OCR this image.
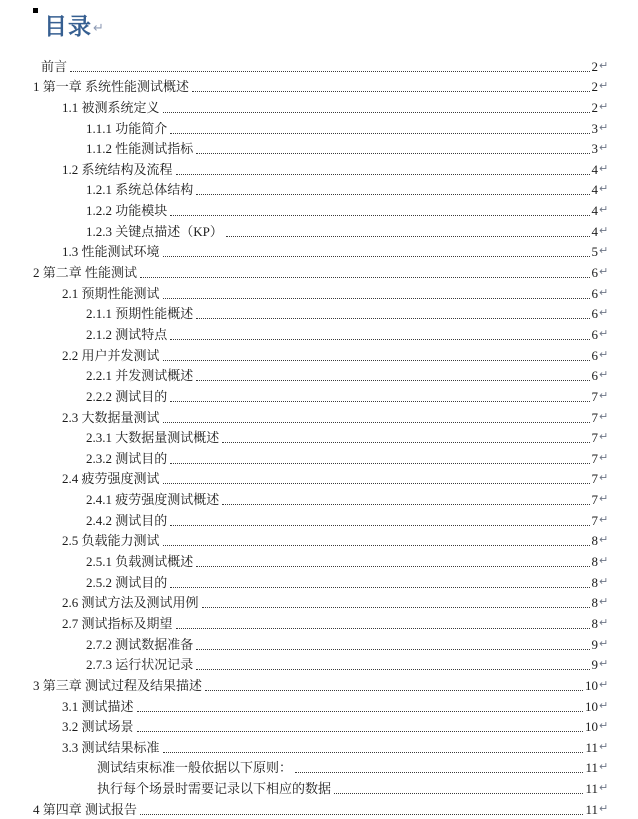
目录↵
前言	2 ↵
1 第一章 系统性能测试概述	2 ↵
1.1 被测系统定义	2 ↵
1.1.1 功能简介	3 ↵
1.1.2 性能测试指标	3 ↵
1.2 系统结构及流程	4 ↵
1.2.1 系统总体结构	4 ↵
1.2.2 功能模块	4 ↵
1.2.3 关键点描述（KP）	4 ↵
1.3 性能测试环境	5 ↵
2 第二章 性能测试	6 ↵
2.1 预期性能测试	6 ↵
2.1.1 预期性能概述	6 ↵
2.1.2 测试特点	6 ↵
2.2 用户并发测试	6 ↵
2.2.1 并发测试概述	6 ↵
2.2.2 测试目的	7 ↵
2.3 大数据量测试	7 ↵
2.3.1 大数据量测试概述	7 ↵
2.3.2 测试目的	7 ↵
2.4 疲劳强度测试	7 ↵
2.4.1 疲劳强度测试概述	7 ↵
2.4.2 测试目的	7 ↵
2.5 负载能力测试	8 ↵
2.5.1 负载测试概述	8 ↵
2.5.2 测试目的	8 ↵
2.6 测试方法及测试用例	8 ↵
2.7 测试指标及期望	8 ↵
2.7.2 测试数据准备	9 ↵
2.7.3 运行状况记录	9 ↵
3 第三章 测试过程及结果描述	10 ↵
3.1 测试描述	10 ↵
3.2 测试场景	10 ↵
3.3 测试结果标准	11 ↵
测试结束标准一般依据以下原则：	11 ↵
执行每个场景时需要记录以下相应的数据	11 ↵
4 第四章 测试报告	11 ↵
